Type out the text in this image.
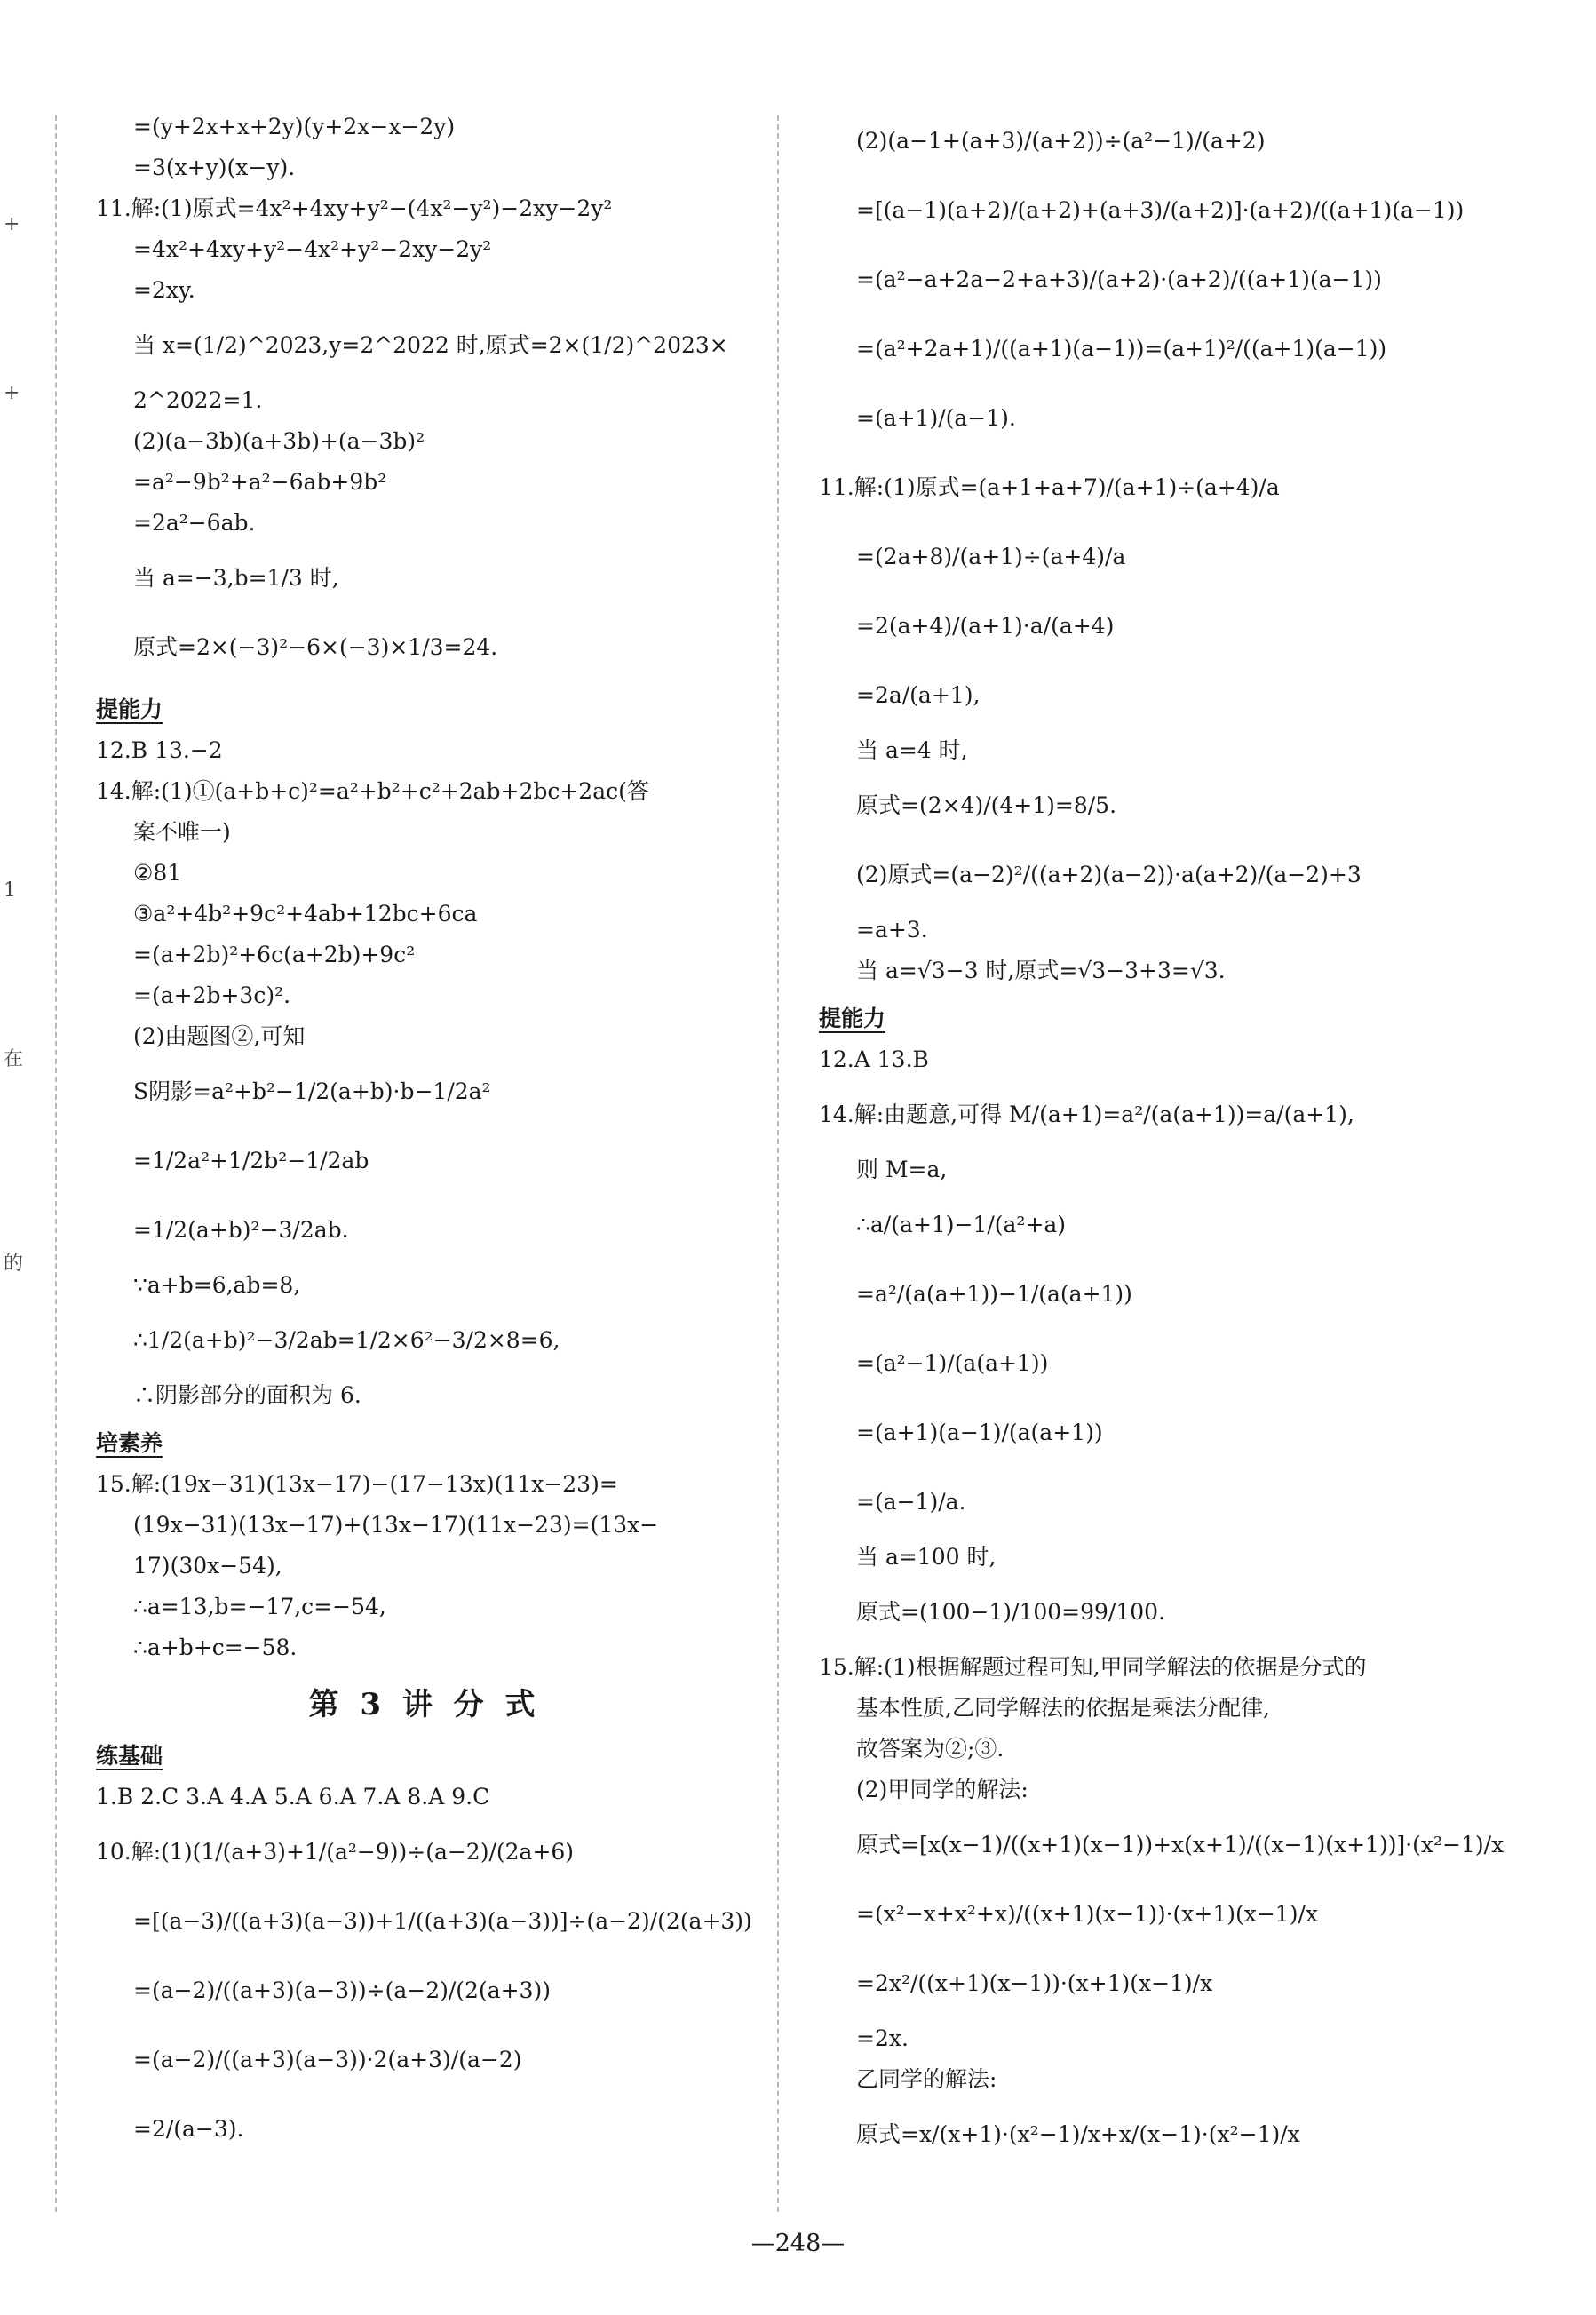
+
+
1
在
的
=(y+2x+x+2y)(y+2x−x−2y)
=3(x+y)(x−y).
11.解:(1)原式=4x²+4xy+y²−(4x²−y²)−2xy−2y²
=4x²+4xy+y²−4x²+y²−2xy−2y²
=2xy.
当 x=(1/2)^2023,y=2^2022 时,原式=2×(1/2)^2023×
2^2022=1.
(2)(a−3b)(a+3b)+(a−3b)²
=a²−9b²+a²−6ab+9b²
=2a²−6ab.
当 a=−3,b=1/3 时,
原式=2×(−3)²−6×(−3)×1/3=24.
提能力
12.B 13.−2
14.解:(1)①(a+b+c)²=a²+b²+c²+2ab+2bc+2ac(答
案不唯一)
②81
③a²+4b²+9c²+4ab+12bc+6ca
=(a+2b)²+6c(a+2b)+9c²
=(a+2b+3c)².
(2)由题图②,可知
S阴影=a²+b²−1/2(a+b)·b−1/2a²
=1/2a²+1/2b²−1/2ab
=1/2(a+b)²−3/2ab.
∵a+b=6,ab=8,
∴1/2(a+b)²−3/2ab=1/2×6²−3/2×8=6,
∴阴影部分的面积为 6.
培素养
15.解:(19x−31)(13x−17)−(17−13x)(11x−23)=
(19x−31)(13x−17)+(13x−17)(11x−23)=(13x−
17)(30x−54),
∴a=13,b=−17,c=−54,
∴a+b+c=−58.
第 3 讲 分 式
练基础
1.B 2.C 3.A 4.A 5.A 6.A 7.A 8.A 9.C
10.解:(1)(1/(a+3)+1/(a²−9))÷(a−2)/(2a+6)
=[(a−3)/((a+3)(a−3))+1/((a+3)(a−3))]÷(a−2)/(2(a+3))
=(a−2)/((a+3)(a−3))÷(a−2)/(2(a+3))
=(a−2)/((a+3)(a−3))·2(a+3)/(a−2)
=2/(a−3).
(2)(a−1+(a+3)/(a+2))÷(a²−1)/(a+2)
=[(a−1)(a+2)/(a+2)+(a+3)/(a+2)]·(a+2)/((a+1)(a−1))
=(a²−a+2a−2+a+3)/(a+2)·(a+2)/((a+1)(a−1))
=(a²+2a+1)/((a+1)(a−1))=(a+1)²/((a+1)(a−1))
=(a+1)/(a−1).
11.解:(1)原式=(a+1+a+7)/(a+1)÷(a+4)/a
=(2a+8)/(a+1)÷(a+4)/a
=2(a+4)/(a+1)·a/(a+4)
=2a/(a+1),
当 a=4 时,
原式=(2×4)/(4+1)=8/5.
(2)原式=(a−2)²/((a+2)(a−2))·a(a+2)/(a−2)+3
=a+3.
当 a=√3−3 时,原式=√3−3+3=√3.
提能力
12.A 13.B
14.解:由题意,可得 M/(a+1)=a²/(a(a+1))=a/(a+1),
则 M=a,
∴a/(a+1)−1/(a²+a)
=a²/(a(a+1))−1/(a(a+1))
=(a²−1)/(a(a+1))
=(a+1)(a−1)/(a(a+1))
=(a−1)/a.
当 a=100 时,
原式=(100−1)/100=99/100.
15.解:(1)根据解题过程可知,甲同学解法的依据是分式的
基本性质,乙同学解法的依据是乘法分配律,
故答案为②;③.
(2)甲同学的解法:
原式=[x(x−1)/((x+1)(x−1))+x(x+1)/((x−1)(x+1))]·(x²−1)/x
=(x²−x+x²+x)/((x+1)(x−1))·(x+1)(x−1)/x
=2x²/((x+1)(x−1))·(x+1)(x−1)/x
=2x.
乙同学的解法:
原式=x/(x+1)·(x²−1)/x+x/(x−1)·(x²−1)/x
—248—
